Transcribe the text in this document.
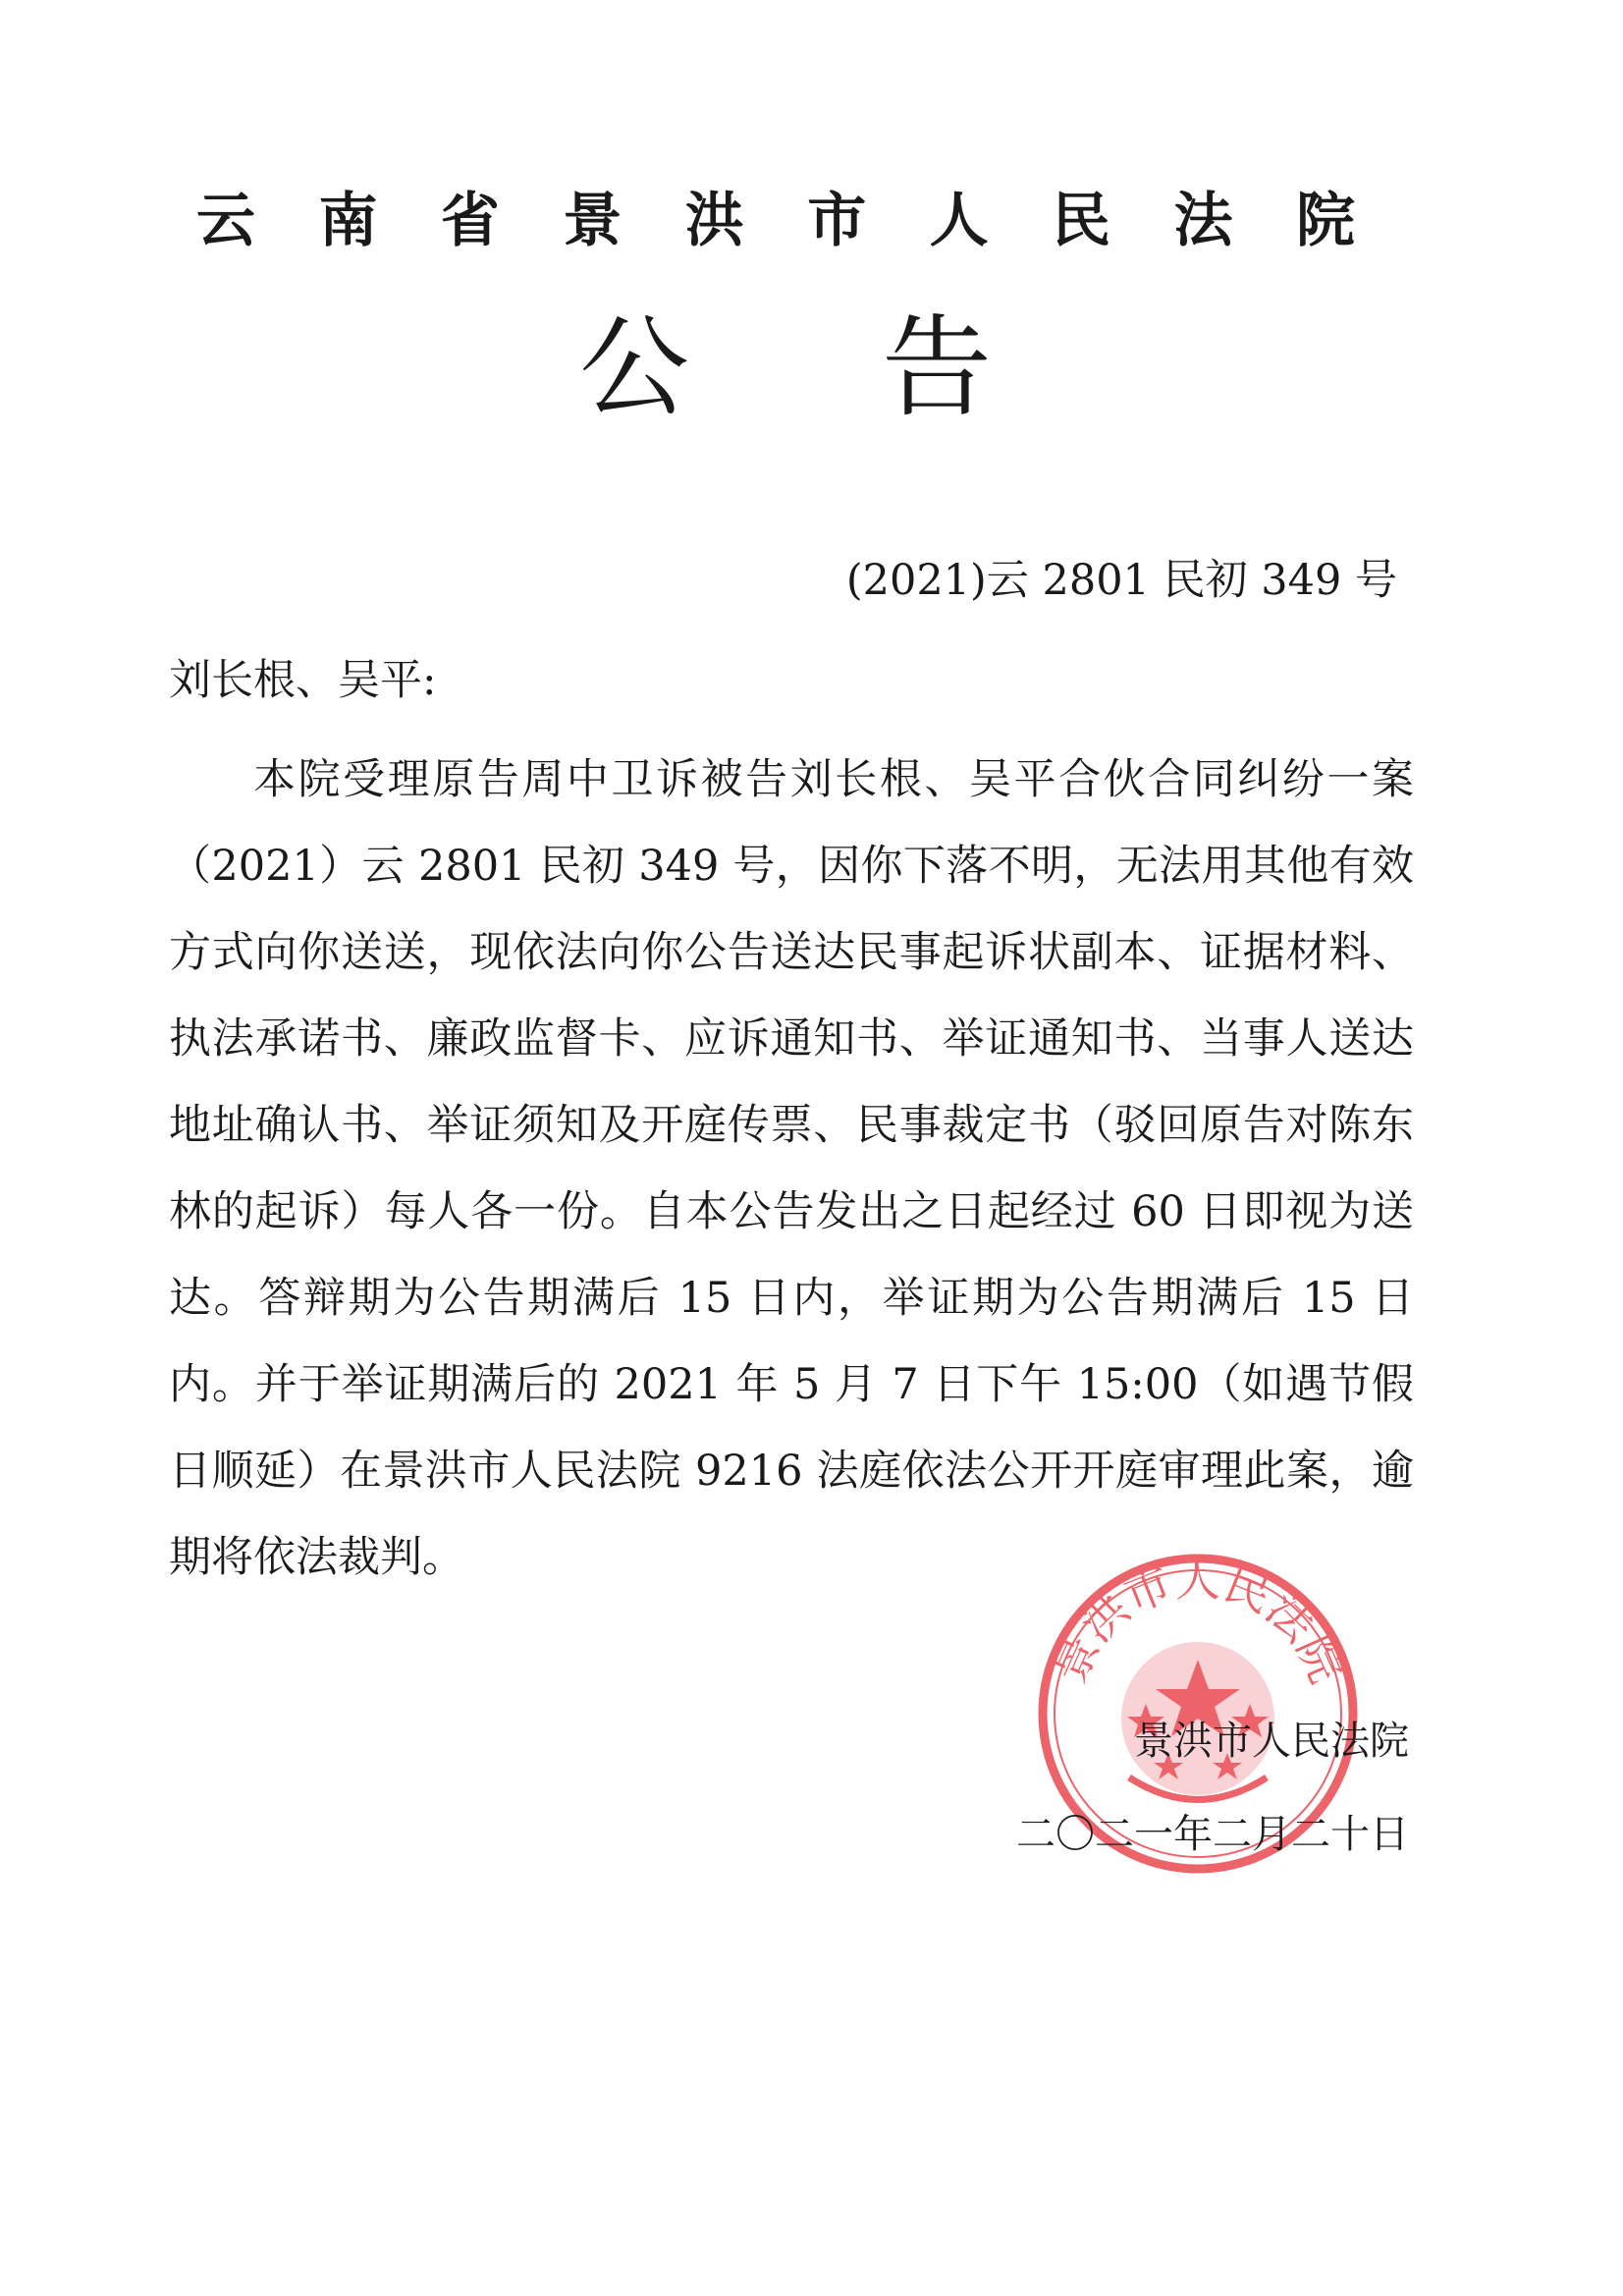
云 南 省 景 洪 市 人 民 法 院
公 告
(2021)云 2801 民初 349 号
刘长根、吴平:

本院受理原告周中卫诉被告刘长根、吴平合伙合同纠纷一案（2021）云 2801 民初 349 号，因你下落不明，无法用其他有效方式向你送送，现依法向你公告送达民事起诉状副本、证据材料、执法承诺书、廉政监督卡、应诉通知书、举证通知书、当事人送达地址确认书、举证须知及开庭传票、民事裁定书（驳回原告对陈东林的起诉）每人各一份。自本公告发出之日起经过 60 日即视为送达。答辩期为公告期满后 15 日内，举证期为公告期满后 15 日内。并于举证期满后的 2021 年 5 月 7 日下午 15:00（如遇节假日顺延）在景洪市人民法院 9216 法庭依法公开开庭审理此案，逾期将依法裁判。

景洪市人民法院
景洪市人民法院
二〇二一年二月二十日
